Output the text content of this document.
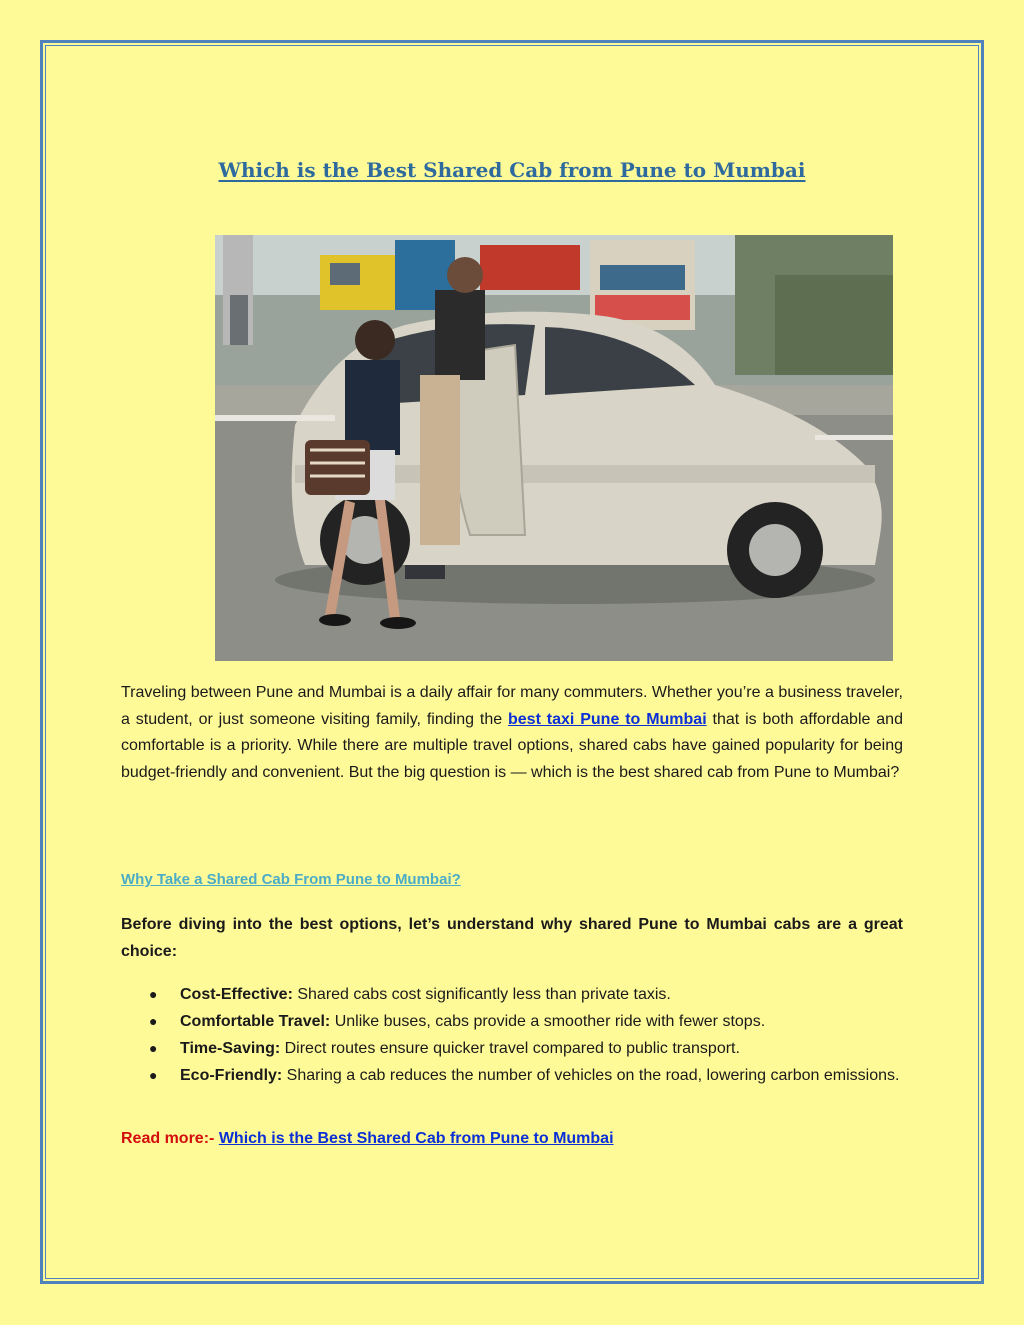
Which is the Best Shared Cab from Pune to Mumbai
Traveling between Pune and Mumbai is a daily affair for many commuters. Whether you’re a business traveler, a student, or just someone visiting family, finding the best taxi Pune to Mumbai that is both affordable and comfortable is a priority. While there are multiple travel options, shared cabs have gained popularity for being budget-friendly and convenient. But the big question is — which is the best shared cab from Pune to Mumbai?
Why Take a Shared Cab From Pune to Mumbai?
Before diving into the best options, let’s understand why shared Pune to Mumbai cabs are a great choice:
● Cost-Effective: Shared cabs cost significantly less than private taxis.
● Comfortable Travel: Unlike buses, cabs provide a smoother ride with fewer stops.
● Time-Saving: Direct routes ensure quicker travel compared to public transport.
● Eco-Friendly: Sharing a cab reduces the number of vehicles on the road, lowering carbon emissions.
Read more:- Which is the Best Shared Cab from Pune to Mumbai
